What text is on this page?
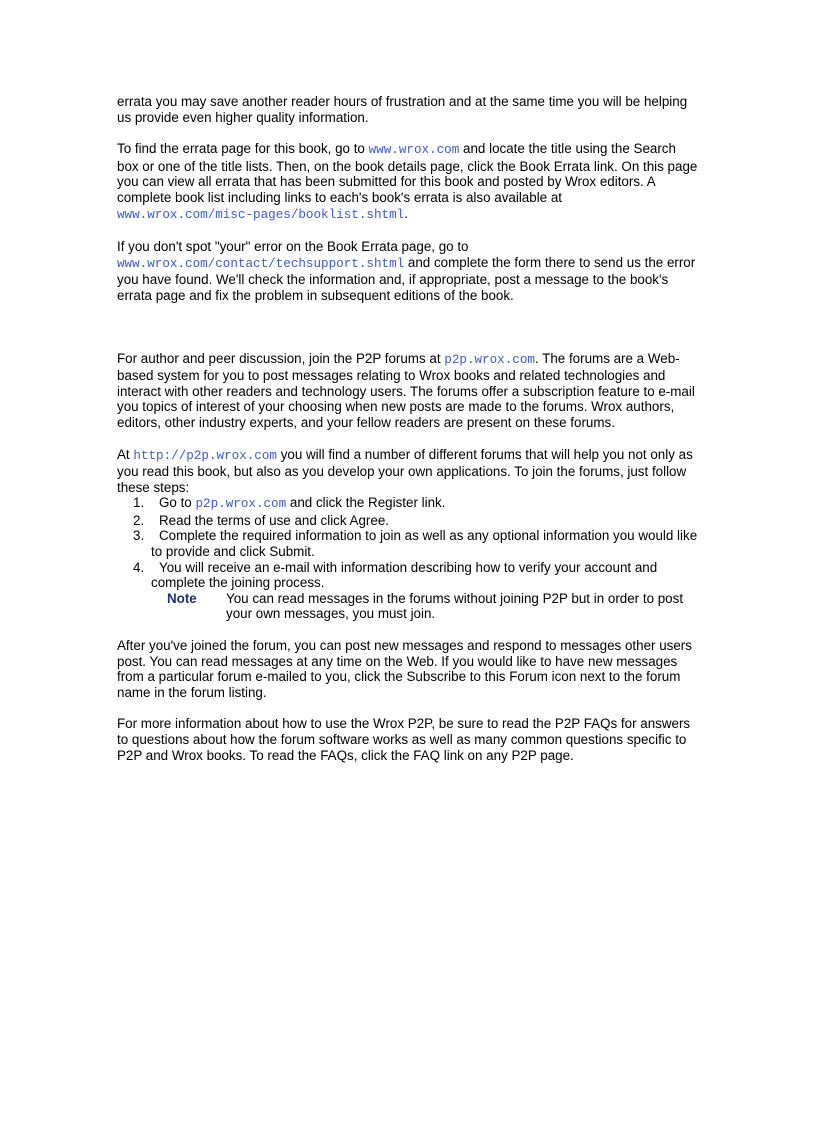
errata you may save another reader hours of frustration and at the same time you will be helping us provide even higher quality information.

To find the errata page for this book, go to www.wrox.com and locate the title using the Search box or one of the title lists. Then, on the book details page, click the Book Errata link. On this page you can view all errata that has been submitted for this book and posted by Wrox editors. A complete book list including links to each's book's errata is also available at www.wrox.com/misc-pages/booklist.shtml.

If you don't spot "your" error on the Book Errata page, go to www.wrox.com/contact/techsupport.shtml and complete the form there to send us the error you have found. We'll check the information and, if appropriate, post a message to the book's errata page and fix the problem in subsequent editions of the book.

For author and peer discussion, join the P2P forums at p2p.wrox.com. The forums are a Web-based system for you to post messages relating to Wrox books and related technologies and interact with other readers and technology users. The forums offer a subscription feature to e-mail you topics of interest of your choosing when new posts are made to the forums. Wrox authors, editors, other industry experts, and your fellow readers are present on these forums.

At http://p2p.wrox.com you will find a number of different forums that will help you not only as you read this book, but also as you develop your own applications. To join the forums, just follow these steps:

1. Go to p2p.wrox.com and click the Register link.
2. Read the terms of use and click Agree.
3.	Complete the required information to join as well as any optional information you would like to provide and click Submit.
4.	You will receive an e-mail with information describing how to verify your account and complete the joining process.
Note	You can read messages in the forums without joining P2P but in order to post your own messages, you must join.

After you've joined the forum, you can post new messages and respond to messages other users post. You can read messages at any time on the Web. If you would like to have new messages from a particular forum e-mailed to you, click the Subscribe to this Forum icon next to the forum name in the forum listing.

For more information about how to use the Wrox P2P, be sure to read the P2P FAQs for answers to questions about how the forum software works as well as many common questions specific to P2P and Wrox books. To read the FAQs, click the FAQ link on any P2P page.
